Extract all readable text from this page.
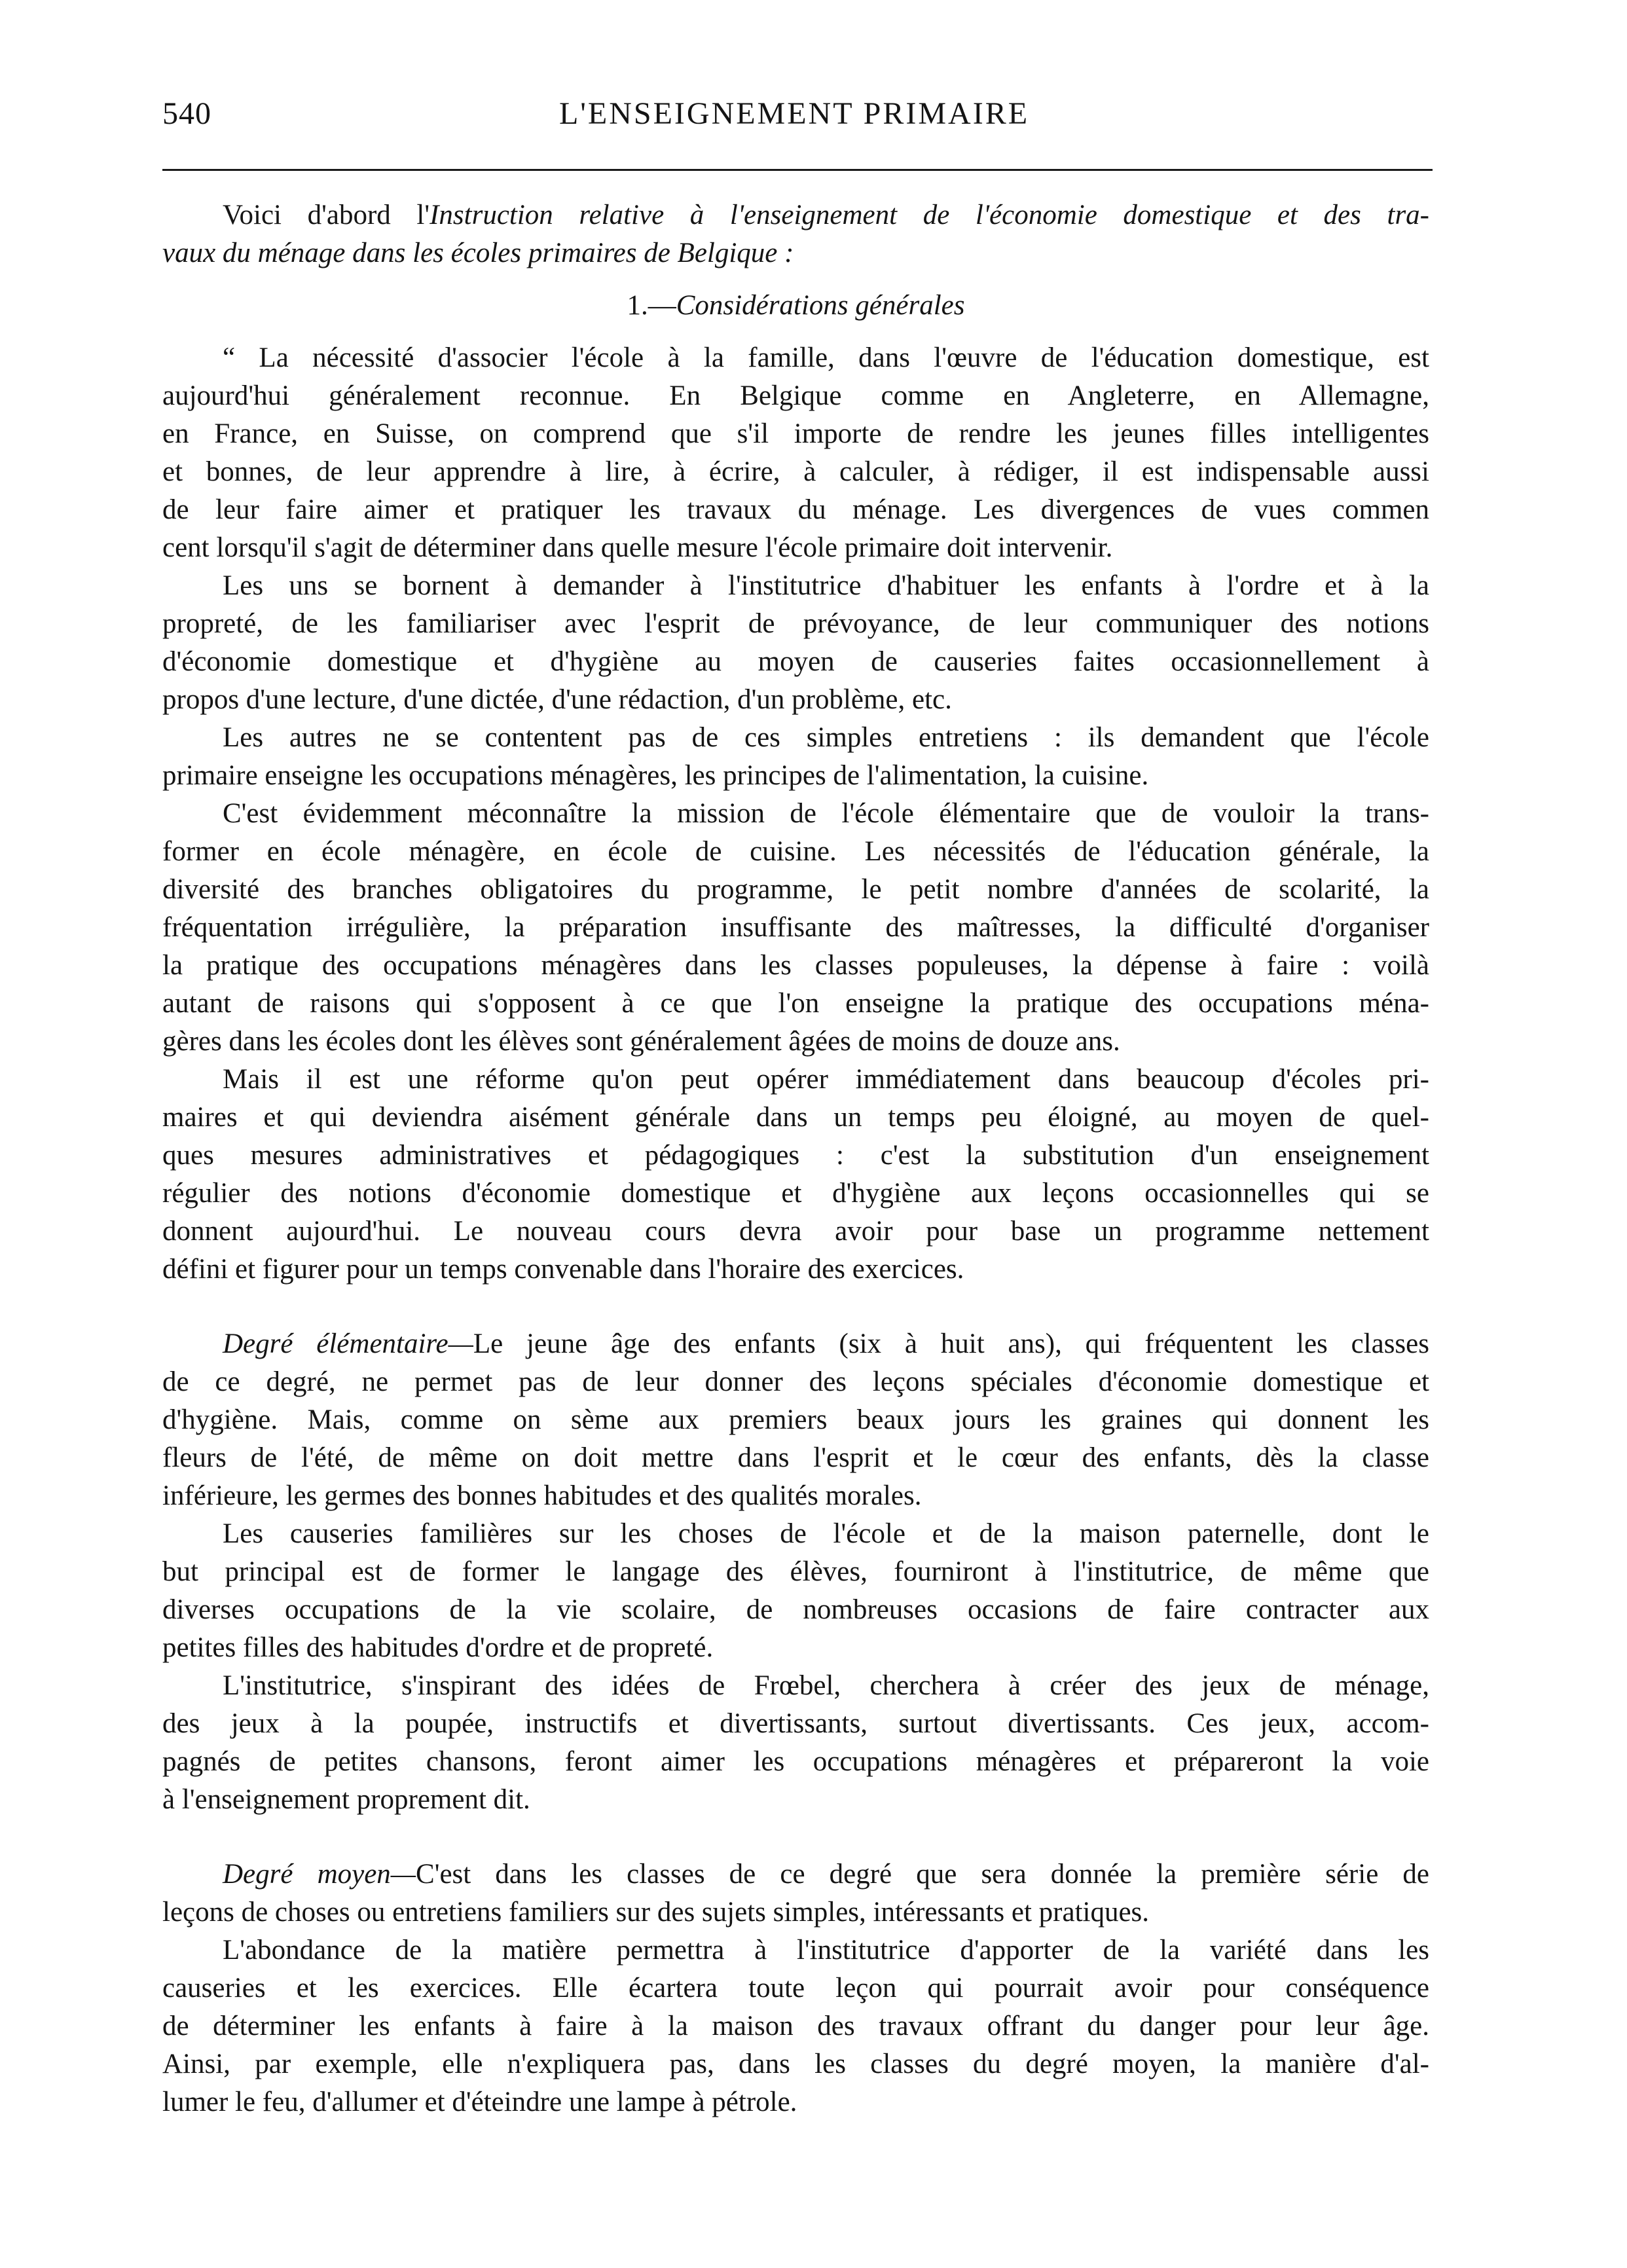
L'ENSEIGNEMENT PRIMAIRE
540
Voici d'abord l'Instruction relative à l'enseignement de l'économie domestique et des tra-
vaux du ménage dans les écoles primaires de Belgique :
1.—Considérations générales
“ La nécessité d'associer l'école à la famille, dans l'œuvre de l'éducation domestique, est
aujourd'hui généralement reconnue. En Belgique comme en Angleterre, en Allemagne,
en France, en Suisse, on comprend que s'il importe de rendre les jeunes filles intelligentes
et bonnes, de leur apprendre à lire, à écrire, à calculer, à rédiger, il est indispensable aussi
de leur faire aimer et pratiquer les travaux du ménage. Les divergences de vues commen
cent lorsqu'il s'agit de déterminer dans quelle mesure l'école primaire doit intervenir.
Les uns se bornent à demander à l'institutrice d'habituer les enfants à l'ordre et à la
propreté, de les familiariser avec l'esprit de prévoyance, de leur communiquer des notions
d'économie domestique et d'hygiène au moyen de causeries faites occasionnellement à
propos d'une lecture, d'une dictée, d'une rédaction, d'un problème, etc.
Les autres ne se contentent pas de ces simples entretiens : ils demandent que l'école
primaire enseigne les occupations ménagères, les principes de l'alimentation, la cuisine.
C'est évidemment méconnaître la mission de l'école élémentaire que de vouloir la trans-
former en école ménagère, en école de cuisine. Les nécessités de l'éducation générale, la
diversité des branches obligatoires du programme, le petit nombre d'années de scolarité, la
fréquentation irrégulière, la préparation insuffisante des maîtresses, la difficulté d'organiser
la pratique des occupations ménagères dans les classes populeuses, la dépense à faire : voilà
autant de raisons qui s'opposent à ce que l'on enseigne la pratique des occupations ména-
gères dans les écoles dont les élèves sont généralement âgées de moins de douze ans.
Mais il est une réforme qu'on peut opérer immédiatement dans beaucoup d'écoles pri-
maires et qui deviendra aisément générale dans un temps peu éloigné, au moyen de quel-
ques mesures administratives et pédagogiques : c'est la substitution d'un enseignement
régulier des notions d'économie domestique et d'hygiène aux leçons occasionnelles qui se
donnent aujourd'hui. Le nouveau cours devra avoir pour base un programme nettement
défini et figurer pour un temps convenable dans l'horaire des exercices.
Degré élémentaire—Le jeune âge des enfants (six à huit ans), qui fréquentent les classes
de ce degré, ne permet pas de leur donner des leçons spéciales d'économie domestique et
d'hygiène. Mais, comme on sème aux premiers beaux jours les graines qui donnent les
fleurs de l'été, de même on doit mettre dans l'esprit et le cœur des enfants, dès la classe
inférieure, les germes des bonnes habitudes et des qualités morales.
Les causeries familières sur les choses de l'école et de la maison paternelle, dont le
but principal est de former le langage des élèves, fourniront à l'institutrice, de même que
diverses occupations de la vie scolaire, de nombreuses occasions de faire contracter aux
petites filles des habitudes d'ordre et de propreté.
L'institutrice, s'inspirant des idées de Frœbel, cherchera à créer des jeux de ménage,
des jeux à la poupée, instructifs et divertissants, surtout divertissants. Ces jeux, accom-
pagnés de petites chansons, feront aimer les occupations ménagères et prépareront la voie
à l'enseignement proprement dit.
Degré moyen—C'est dans les classes de ce degré que sera donnée la première série de
leçons de choses ou entretiens familiers sur des sujets simples, intéressants et pratiques.
L'abondance de la matière permettra à l'institutrice d'apporter de la variété dans les
causeries et les exercices. Elle écartera toute leçon qui pourrait avoir pour conséquence
de déterminer les enfants à faire à la maison des travaux offrant du danger pour leur âge.
Ainsi, par exemple, elle n'expliquera pas, dans les classes du degré moyen, la manière d'al-
lumer le feu, d'allumer et d'éteindre une lampe à pétrole.
